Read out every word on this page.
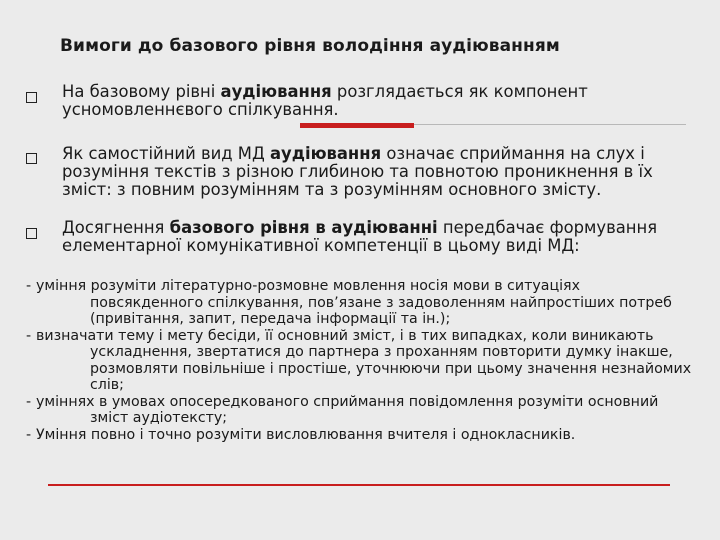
Вимоги до базового рівня володіння аудіюванням
На базовому рівні аудіювання розглядається як компонент усномовленнєвого спілкування.
Як самостійний вид МД аудіювання означає сприймання на слух і розуміння текстів з різною глибиною та повнотою проникнення в їх зміст: з повним розумінням та з розумінням основного змісту.
Досягнення базового рівня в аудіюванні передбачає формування елементарної комунікативної компетенції в цьому виді МД:
- уміння розуміти літературно-розмовне мовлення носія мови в ситуаціях повсякденного спілкування, пов’язане з задоволенням найпростіших потреб (привітання, запит, передача інформації та ін.);
- визначати тему і мету бесіди, її основний зміст, і в тих випадках, коли виникають ускладнення, звертатися до партнера з проханням повторити думку інакше, розмовляти повільніше і простіше, уточнюючи при цьому значення незнайомих слів;
- уміннях в умовах опосередкованого сприймання повідомлення розуміти основний зміст аудіотексту;
- Уміння повно і точно розуміти висловлювання вчителя і однокласників.
